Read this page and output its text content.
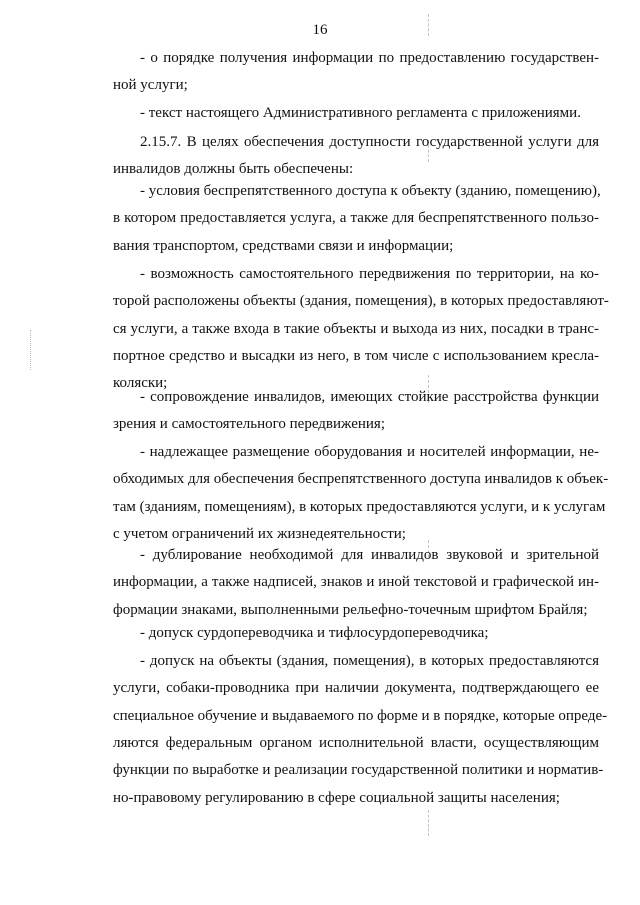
16
- о порядке получения информации по предоставлению государствен-
ной услуги;
- текст настоящего Административного регламента с приложениями.
2.15.7. В целях обеспечения доступности государственной услуги для
инвалидов должны быть обеспечены:
- условия беспрепятственного доступа к объекту (зданию, помещению),
в котором предоставляется услуга, а также для беспрепятственного пользо-
вания транспортом, средствами связи и информации;
- возможность самостоятельного передвижения по территории, на ко-
торой расположены объекты (здания, помещения), в которых предоставляют-
ся услуги, а также входа в такие объекты и выхода из них, посадки в транс-
портное средство и высадки из него, в том числе с использованием кресла-
коляски;
- сопровождение инвалидов, имеющих стойкие расстройства функции
зрения и самостоятельного передвижения;
- надлежащее размещение оборудования и носителей информации, не-
обходимых для обеспечения беспрепятственного доступа инвалидов к объек-
там (зданиям, помещениям), в которых предоставляются услуги, и к услугам
с учетом ограничений их жизнедеятельности;
- дублирование необходимой для инвалидов звуковой и зрительной
информации, а также надписей, знаков и иной текстовой и графической ин-
формации знаками, выполненными рельефно-точечным шрифтом Брайля;
- допуск сурдопереводчика и тифлосурдопереводчика;
- допуск на объекты (здания, помещения), в которых предоставляются
услуги, собаки-проводника при наличии документа, подтверждающего ее
специальное обучение и выдаваемого по форме и в порядке, которые опреде-
ляются федеральным органом исполнительной власти, осуществляющим
функции по выработке и реализации государственной политики и норматив-
но-правовому регулированию в сфере социальной защиты населения;
